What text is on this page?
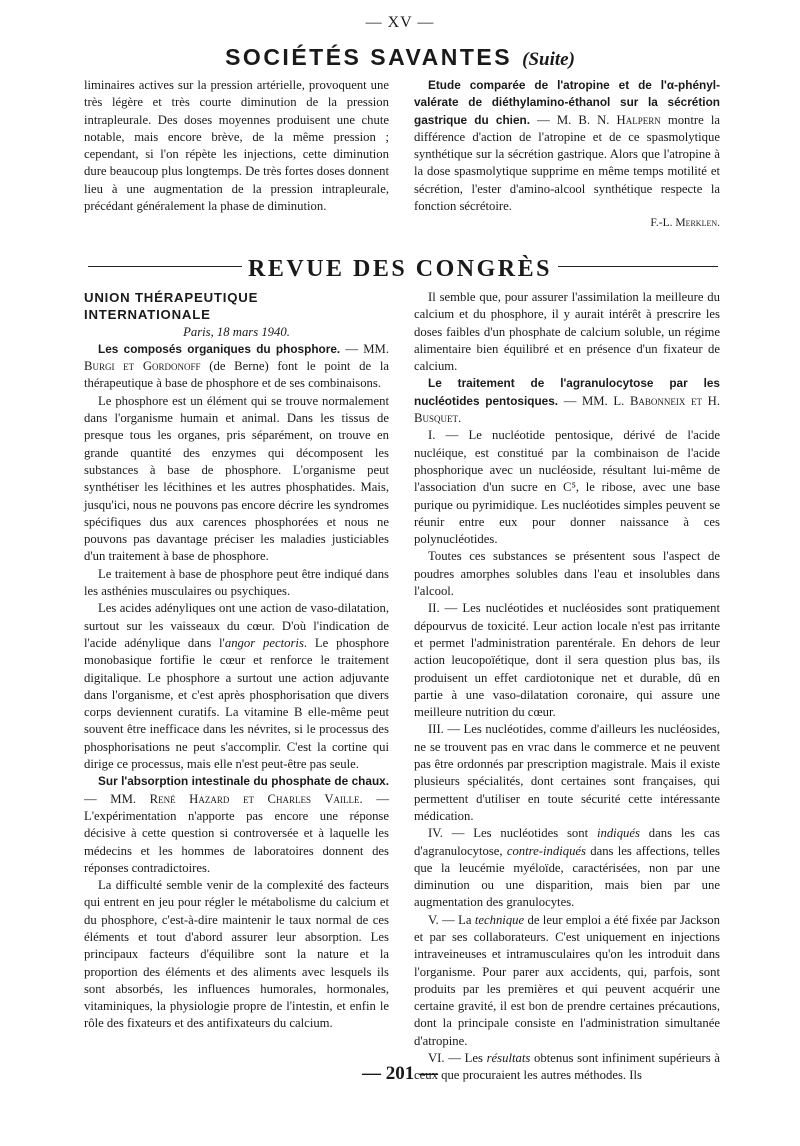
— XV —
SOCIÉTÉS SAVANTES (Suite)

liminaires actives sur la pression artérielle, provoquent une très légère et très courte diminution de la pression intrapleurale. Des doses moyennes produisent une chute notable, mais encore brève, de la même pression ; cependant, si l'on répète les injections, cette diminution dure beaucoup plus longtemps. De très fortes doses donnent lieu à une augmentation de la pression intrapleurale, précédant généralement la phase de diminution.

Etude comparée de l'atropine et de l'α-phényl-valérate de diéthylamino-éthanol sur la sécrétion gastrique du chien. — M. B. N. Halpern montre la différence d'action de l'atropine et de ce spasmolytique synthétique sur la sécrétion gastrique. Alors que l'atropine à la dose spasmolytique supprime en même temps motilité et sécrétion, l'ester d'amino-alcool synthétique respecte la fonction sécrétoire.

F.-L. Merklen.

REVUE DES CONGRÈS

UNION THÉRAPEUTIQUE INTERNATIONALE

Paris, 18 mars 1940.

Les composés organiques du phosphore. — MM. Burgi et Gordonoff (de Berne) font le point de la thérapeutique à base de phosphore et de ses combinaisons.

Le phosphore est un élément qui se trouve normalement dans l'organisme humain et animal. Dans les tissus de presque tous les organes, pris séparément, on trouve en grande quantité des enzymes qui décomposent les substances à base de phosphore. L'organisme peut synthétiser les lécithines et les autres phosphatides. Mais, jusqu'ici, nous ne pouvons pas encore décrire les syndromes spécifiques dus aux carences phosphorées et nous ne pouvons pas davantage préciser les maladies justiciables d'un traitement à base de phosphore.

Le traitement à base de phosphore peut être indiqué dans les asthénies musculaires ou psychiques.

Les acides adényliques ont une action de vaso-dilatation, surtout sur les vaisseaux du cœur. D'où l'indication de l'acide adénylique dans l'angor pectoris. Le phosphore monobasique fortifie le cœur et renforce le traitement digitalique. Le phosphore a surtout une action adjuvante dans l'organisme, et c'est après phosphorisation que divers corps deviennent curatifs. La vitamine B elle-même peut souvent être inefficace dans les névrites, si le processus des phosphorisations ne peut s'accomplir. C'est la cortine qui dirige ce processus, mais elle n'est peut-être pas seule.

Sur l'absorption intestinale du phosphate de chaux. — MM. René Hazard et Charles Vaille. — L'expérimentation n'apporte pas encore une réponse décisive à cette question si controversée et à laquelle les médecins et les hommes de laboratoires donnent des réponses contradictoires.

La difficulté semble venir de la complexité des facteurs qui entrent en jeu pour régler le métabolisme du calcium et du phosphore, c'est-à-dire maintenir le taux normal de ces éléments et tout d'abord assurer leur absorption. Les principaux facteurs d'équilibre sont la nature et la proportion des éléments et des aliments avec lesquels ils sont absorbés, les influences humorales, hormonales, vitaminiques, la physiologie propre de l'intestin, et enfin le rôle des fixateurs et des antifixateurs du calcium.

Il semble que, pour assurer l'assimilation la meilleure du calcium et du phosphore, il y aurait intérêt à prescrire les doses faibles d'un phosphate de calcium soluble, un régime alimentaire bien équilibré et en présence d'un fixateur de calcium.

Le traitement de l'agranulocytose par les nucléotides pentosiques. — MM. L. Babonneix et H. Busquet.

I. — Le nucléotide pentosique, dérivé de l'acide nucléique, est constitué par la combinaison de l'acide phosphorique avec un nucléoside, résultant lui-même de l'association d'un sucre en C⁵, le ribose, avec une base purique ou pyrimidique. Les nucléotides simples peuvent se réunir entre eux pour donner naissance à ces polynucléotides.

Toutes ces substances se présentent sous l'aspect de poudres amorphes solubles dans l'eau et insolubles dans l'alcool.

II. — Les nucléotides et nucléosides sont pratiquement dépourvus de toxicité. Leur action locale n'est pas irritante et permet l'administration parentérale. En dehors de leur action leucopoïétique, dont il sera question plus bas, ils produisent un effet cardiotonique net et durable, dû en partie à une vaso-dilatation coronaire, qui assure une meilleure nutrition du cœur.

III. — Les nucléotides, comme d'ailleurs les nucléosides, ne se trouvent pas en vrac dans le commerce et ne peuvent pas être ordonnés par prescription magistrale. Mais il existe plusieurs spécialités, dont certaines sont françaises, qui permettent d'utiliser en toute sécurité cette intéressante médication.

IV. — Les nucléotides sont indiqués dans les cas d'agranulocytose, contre-indiqués dans les affections, telles que la leucémie myéloïde, caractérisées, non par une diminution ou une disparition, mais bien par une augmentation des granulocytes.

V. — La technique de leur emploi a été fixée par Jackson et par ses collaborateurs. C'est uniquement en injections intraveineuses et intramusculaires qu'on les introduit dans l'organisme. Pour parer aux accidents, qui, parfois, sont produits par les premières et qui peuvent acquérir une certaine gravité, il est bon de prendre certaines précautions, dont la principale consiste en l'administration simultanée d'atropine.

VI. — Les résultats obtenus sont infiniment supérieurs à ceux que procuraient les autres méthodes. Ils

— 201 —
